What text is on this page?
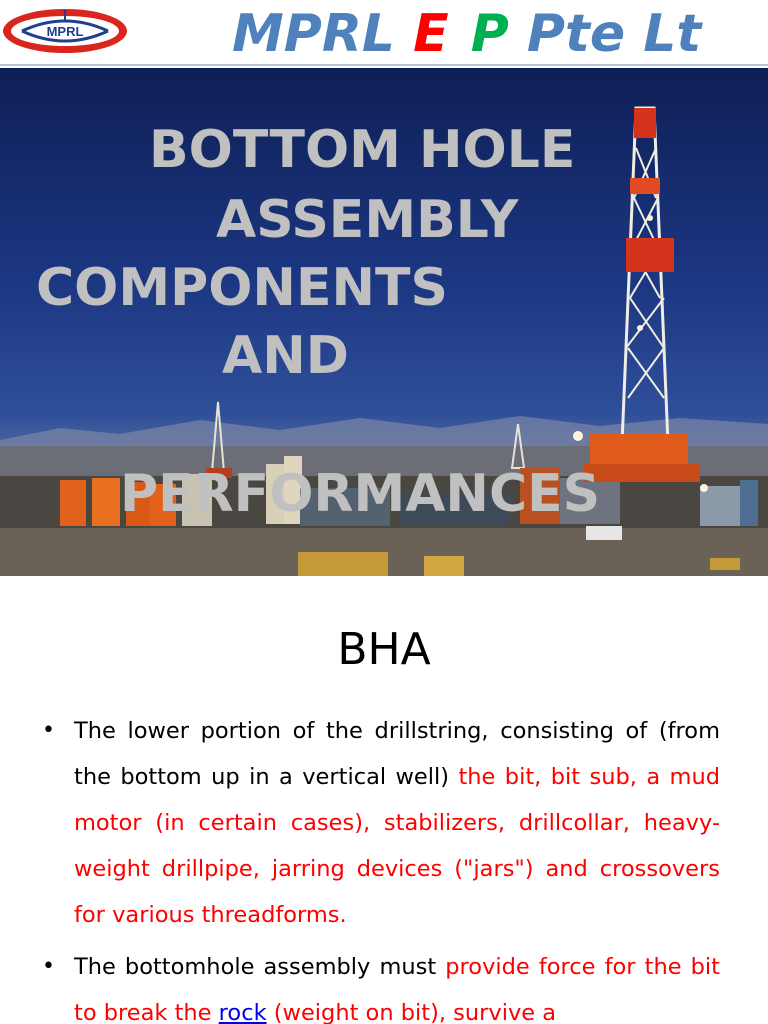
MPRL	MPRL E P Pte Lt
BOTTOM HOLE
ASSEMBLY
COMPONENTS
AND
PERFORMANCES
BHA
• The lower portion of the drillstring, consisting of (from the bottom up in a vertical well) the bit, bit sub, a mud motor (in certain cases), stabilizers, drillcollar, heavy-weight drillpipe, jarring devices ("jars") and crossovers for various threadforms.
• The bottomhole assembly must provide force for the bit to break the rock (weight on bit), survive a
